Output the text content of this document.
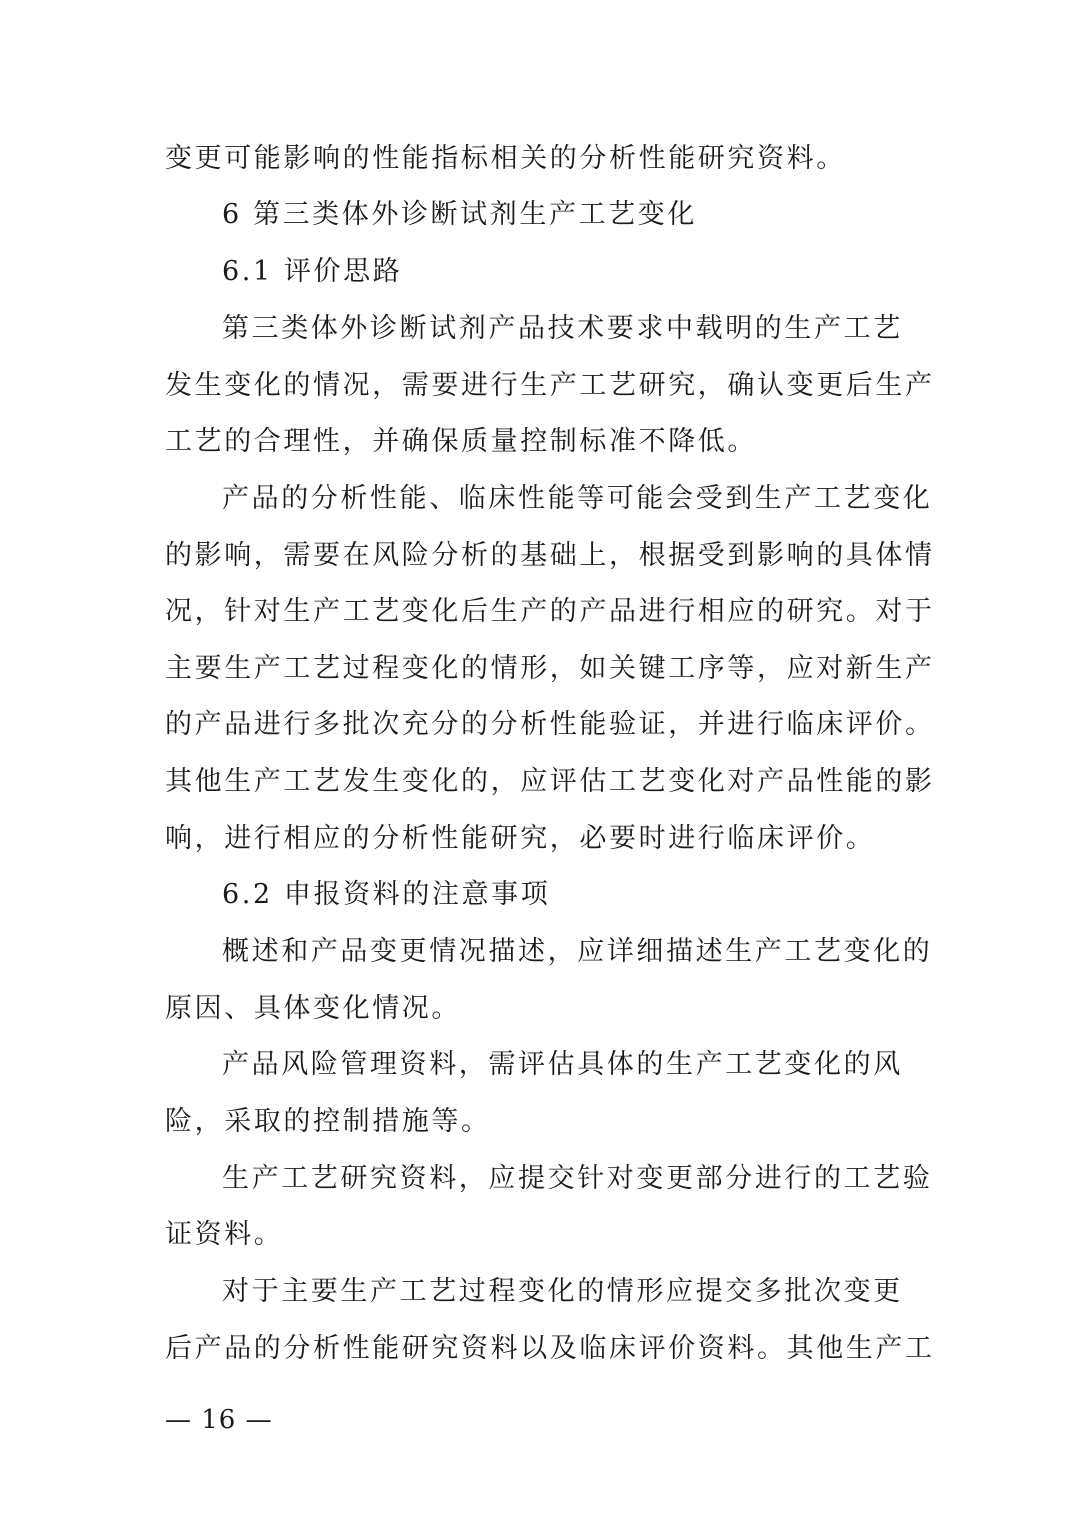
变更可能影响的性能指标相关的分析性能研究资料。
6 第三类体外诊断试剂生产工艺变化
6.1 评价思路
第三类体外诊断试剂产品技术要求中载明的生产工艺
发生变化的情况，需要进行生产工艺研究，确认变更后生产
工艺的合理性，并确保质量控制标准不降低。
产品的分析性能、临床性能等可能会受到生产工艺变化
的影响，需要在风险分析的基础上，根据受到影响的具体情
况，针对生产工艺变化后生产的产品进行相应的研究。对于
主要生产工艺过程变化的情形，如关键工序等，应对新生产
的产品进行多批次充分的分析性能验证，并进行临床评价。
其他生产工艺发生变化的，应评估工艺变化对产品性能的影
响，进行相应的分析性能研究，必要时进行临床评价。
6.2 申报资料的注意事项
概述和产品变更情况描述，应详细描述生产工艺变化的
原因、具体变化情况。
产品风险管理资料，需评估具体的生产工艺变化的风
险，采取的控制措施等。
生产工艺研究资料，应提交针对变更部分进行的工艺验
证资料。
对于主要生产工艺过程变化的情形应提交多批次变更
后产品的分析性能研究资料以及临床评价资料。其他生产工
— 16 —
